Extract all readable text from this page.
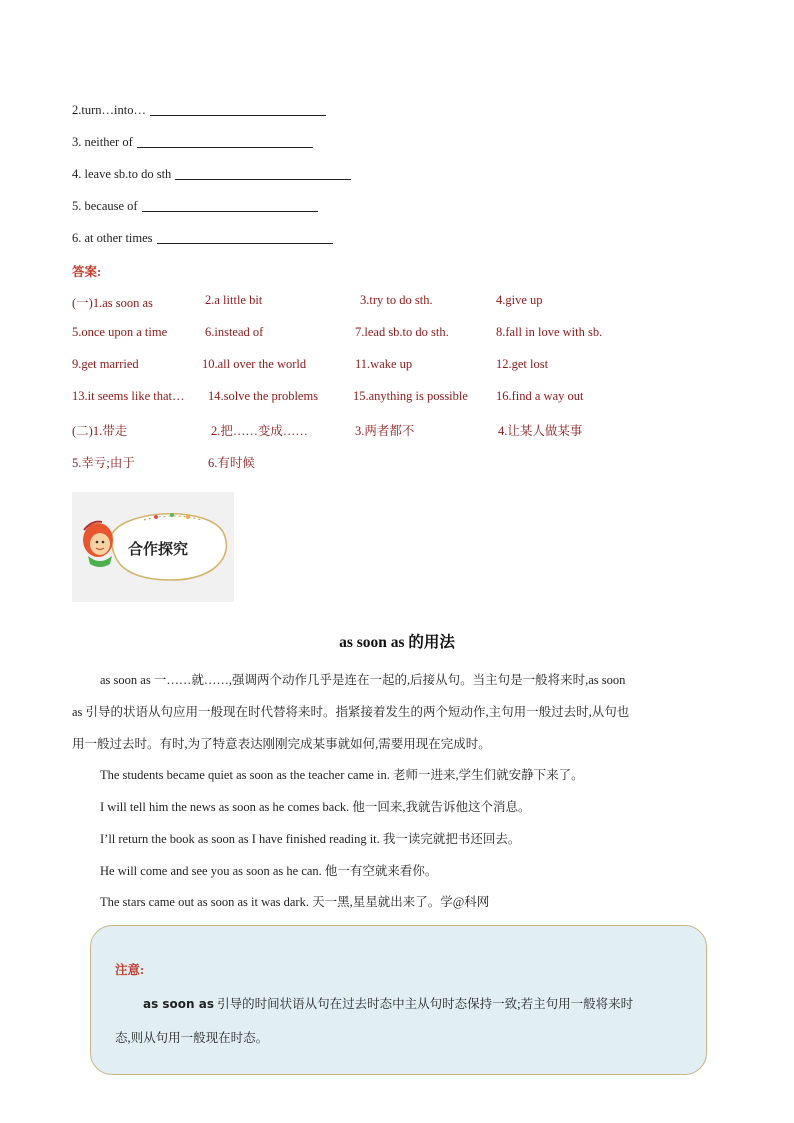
2.turn…into…
3. neither of
4. leave sb.to do sth
5. because of
6. at other times
答案:
(一)1.as soon as	2.a little bit	3.try to do sth.	4.give up
5.once upon a time	6.instead of	7.lead sb.to do sth.	8.fall in love with sb.
9.get married	10.all over the world	11.wake up	12.get lost
13.it seems like that… 14.solve the problems	15.anything is possible 16.find a way out
(二)1.带走	2.把……变成……	3.两者都不	4.让某人做某事
5.幸亏;由于	6.有时候
合作探究
as soon as 的用法
as soon as 一……就……,强调两个动作几乎是连在一起的,后接从句。当主句是一般将来时,as soon
as 引导的状语从句应用一般现在时代替将来时。指紧接着发生的两个短动作,主句用一般过去时,从句也
用一般过去时。有时,为了特意表达刚刚完成某事就如何,需要用现在完成时。
The students became quiet as soon as the teacher came in. 老师一进来,学生们就安静下来了。
I will tell him the news as soon as he comes back. 他一回来,我就告诉他这个消息。
I’ll return the book as soon as I have finished reading it. 我一读完就把书还回去。
He will come and see you as soon as he can. 他一有空就来看你。
The stars came out as soon as it was dark. 天一黑,星星就出来了。学@科网
注意:
as soon as 引导的时间状语从句在过去时态中主从句时态保持一致;若主句用一般将来时
态,则从句用一般现在时态。
